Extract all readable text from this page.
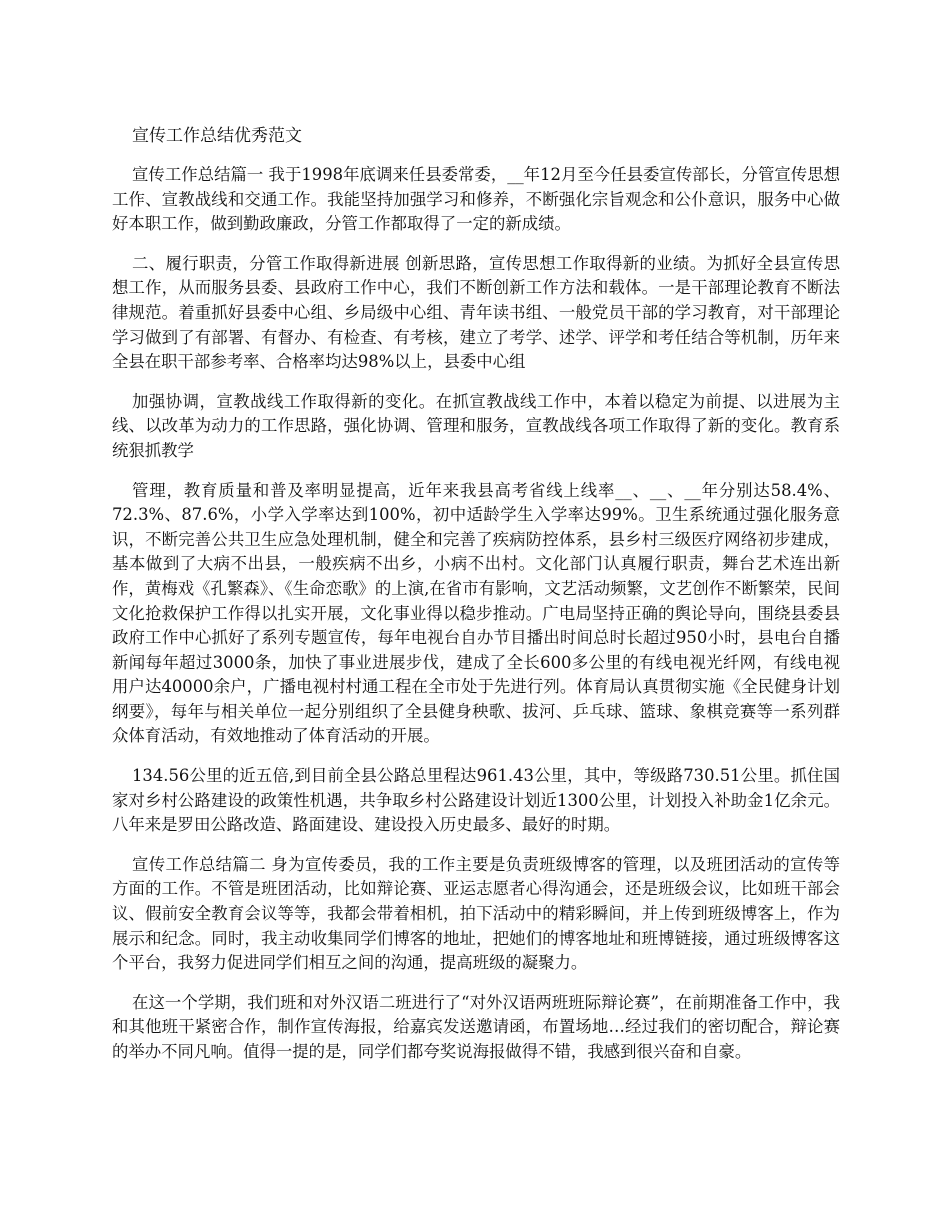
宣传工作总结优秀范文

宣传工作总结篇一 我于1998年底调来任县委常委，__年12月至今任县委宣传部长，分管宣传思想工作、宣教战线和交通工作。我能坚持加强学习和修养，不断强化宗旨观念和公仆意识，服务中心做好本职工作，做到勤政廉政，分管工作都取得了一定的新成绩。

二、履行职责，分管工作取得新进展 创新思路，宣传思想工作取得新的业绩。为抓好全县宣传思想工作，从而服务县委、县政府工作中心，我们不断创新工作方法和载体。一是干部理论教育不断法律规范。着重抓好县委中心组、乡局级中心组、青年读书组、一般党员干部的学习教育，对干部理论学习做到了有部署、有督办、有检查、有考核，建立了考学、述学、评学和考任结合等机制，历年来全县在职干部参考率、合格率均达98%以上，县委中心组

加强协调，宣教战线工作取得新的变化。在抓宣教战线工作中，本着以稳定为前提、以进展为主线、以改革为动力的工作思路，强化协调、管理和服务，宣教战线各项工作取得了新的变化。教育系统狠抓教学

管理，教育质量和普及率明显提高，近年来我县高考省线上线率__、__、__年分别达58.4%、72.3%、87.6%，小学入学率达到100%，初中适龄学生入学率达99%。卫生系统通过强化服务意识，不断完善公共卫生应急处理机制，健全和完善了疾病防控体系，县乡村三级医疗网络初步建成，基本做到了大病不出县，一般疾病不出乡，小病不出村。文化部门认真履行职责，舞台艺术连出新作，黄梅戏《孔繁森》、《生命恋歌》的上演,在省市有影响，文艺活动频繁，文艺创作不断繁荣，民间文化抢救保护工作得以扎实开展，文化事业得以稳步推动。广电局坚持正确的舆论导向，围绕县委县政府工作中心抓好了系列专题宣传，每年电视台自办节目播出时间总时长超过950小时，县电台自播新闻每年超过3000条，加快了事业进展步伐，建成了全长600多公里的有线电视光纤网，有线电视用户达40000余户，广播电视村村通工程在全市处于先进行列。体育局认真贯彻实施《全民健身计划纲要》，每年与相关单位一起分别组织了全县健身秧歌、拔河、乒乓球、篮球、象棋竞赛等一系列群众体育活动，有效地推动了体育活动的开展。

134.56公里的近五倍,到目前全县公路总里程达961.43公里，其中，等级路730.51公里。抓住国家对乡村公路建设的政策性机遇，共争取乡村公路建设计划近1300公里，计划投入补助金1亿余元。八年来是罗田公路改造、路面建设、建设投入历史最多、最好的时期。

宣传工作总结篇二 身为宣传委员，我的工作主要是负责班级博客的管理，以及班团活动的宣传等方面的工作。不管是班团活动，比如辩论赛、亚运志愿者心得沟通会，还是班级会议，比如班干部会议、假前安全教育会议等等，我都会带着相机，拍下活动中的精彩瞬间，并上传到班级博客上，作为展示和纪念。同时，我主动收集同学们博客的地址，把她们的博客地址和班博链接，通过班级博客这个平台，我努力促进同学们相互之间的沟通，提高班级的凝聚力。

在这一个学期，我们班和对外汉语二班进行了“对外汉语两班班际辩论赛”，在前期准备工作中，我和其他班干紧密合作，制作宣传海报，给嘉宾发送邀请函，布置场地…经过我们的密切配合，辩论赛的举办不同凡响。值得一提的是，同学们都夸奖说海报做得不错，我感到很兴奋和自豪。
